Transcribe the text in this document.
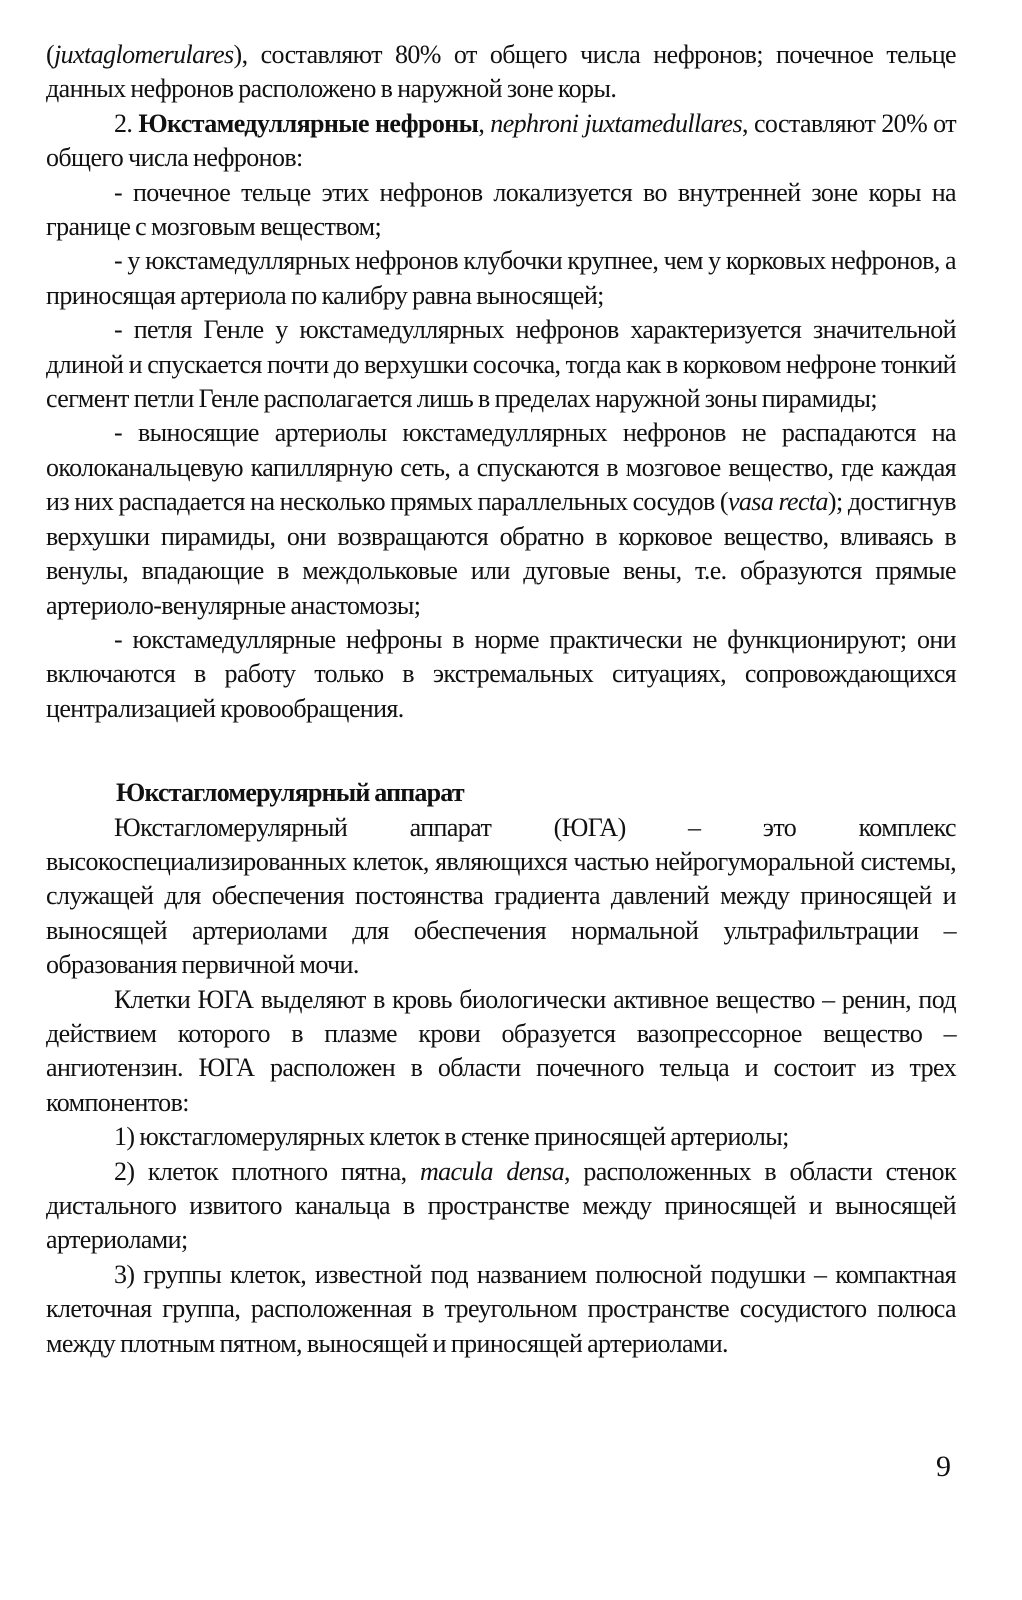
(juxtaglomerulares), составляют 80% от общего числа нефронов; почечное тельце данных нефронов расположено в наружной зоне коры.

2. Юкстамедуллярные нефроны, nephroni juxtamedullares, составляют 20% от общего числа нефронов:

- почечное тельце этих нефронов локализуется во внутренней зоне коры на границе с мозговым веществом;

- у юкстамедуллярных нефронов клубочки крупнее, чем у корковых нефронов, а приносящая артериола по калибру равна выносящей;

- петля Генле у юкстамедуллярных нефронов характеризуется значительной длиной и спускается почти до верхушки сосочка, тогда как в корковом нефроне тонкий сегмент петли Генле располагается лишь в пределах наружной зоны пирамиды;

- выносящие артериолы юкстамедуллярных нефронов не распадаются на околоканальцевую капиллярную сеть, а спускаются в мозговое вещество, где каждая из них распадается на несколько прямых параллельных сосудов (vasa recta); достигнув верхушки пирамиды, они возвращаются обратно в корковое вещество, вливаясь в венулы, впадающие в междольковые или дуговые вены, т.е. образуются прямые артериоло-венулярные анастомозы;

- юкстамедуллярные нефроны в норме практически не функционируют; они включаются в работу только в экстремальных ситуациях, сопровождающихся централизацией кровообращения.

Юкстагломерулярный аппарат

Юкстагломерулярный аппарат (ЮГА) – это комплекс высокоспециализированных клеток, являющихся частью нейрогуморальной системы, служащей для обеспечения постоянства градиента давлений между приносящей и выносящей артериолами для обеспечения нормальной ультрафильтрации – образования первичной мочи.

Клетки ЮГА выделяют в кровь биологически активное вещество – ренин, под действием которого в плазме крови образуется вазопрессорное вещество – ангиотензин. ЮГА расположен в области почечного тельца и состоит из трех компонентов:

1) юкстагломерулярных клеток в стенке приносящей артериолы;

2) клеток плотного пятна, macula densa, расположенных в области стенок дистального извитого канальца в пространстве между приносящей и выносящей артериолами;

3) группы клеток, известной под названием полюсной подушки – компактная клеточная группа, расположенная в треугольном пространстве сосудистого полюса между плотным пятном, выносящей и приносящей артериолами.

9
